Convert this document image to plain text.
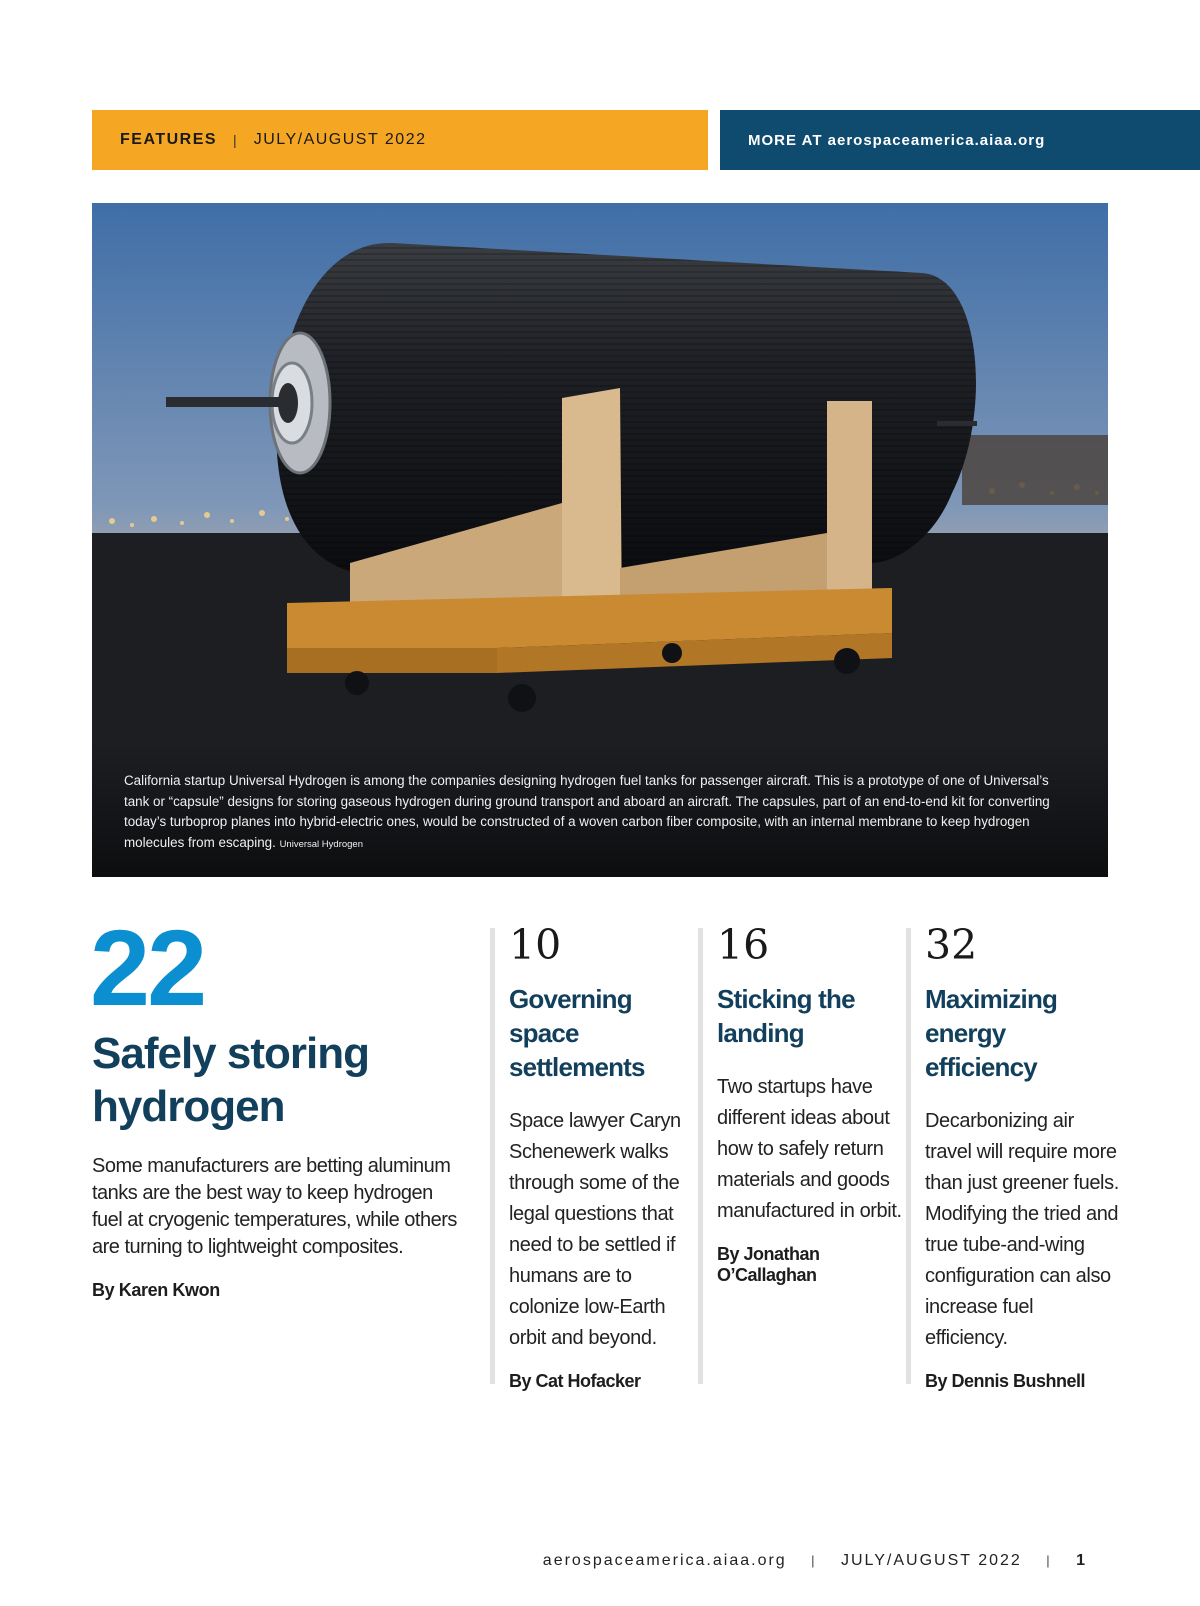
FEATURES | JULY/AUGUST 2022	MORE AT aerospaceamerica.aiaa.org
California startup Universal Hydrogen is among the companies designing hydrogen fuel tanks for passenger aircraft. This is a prototype of one of Universal’s tank or “capsule” designs for storing gaseous hydrogen during ground transport and aboard an aircraft. The capsules, part of an end-to-end kit for converting today’s turboprop planes into hybrid-electric ones, would be constructed of a woven carbon fiber composite, with an internal membrane to keep hydrogen molecules from escaping. Universal Hydrogen
22
Safely storing hydrogen
Some manufacturers are betting aluminum tanks are the best way to keep hydrogen fuel at cryogenic temperatures, while others are turning to lightweight composites.
By Karen Kwon
10
Governing space settlements
Space lawyer Caryn Schenewerk walks through some of the legal questions that need to be settled if humans are to colonize low-Earth orbit and beyond.
By Cat Hofacker
16
Sticking the landing
Two startups have different ideas about how to safely return materials and goods manufactured in orbit.
By Jonathan O’Callaghan
32
Maximizing energy efficiency
Decarbonizing air travel will require more than just greener fuels. Modifying the tried and true tube-and-wing configuration can also increase fuel efficiency.
By Dennis Bushnell
aerospaceamerica.aiaa.org | JULY/AUGUST 2022 | 1
